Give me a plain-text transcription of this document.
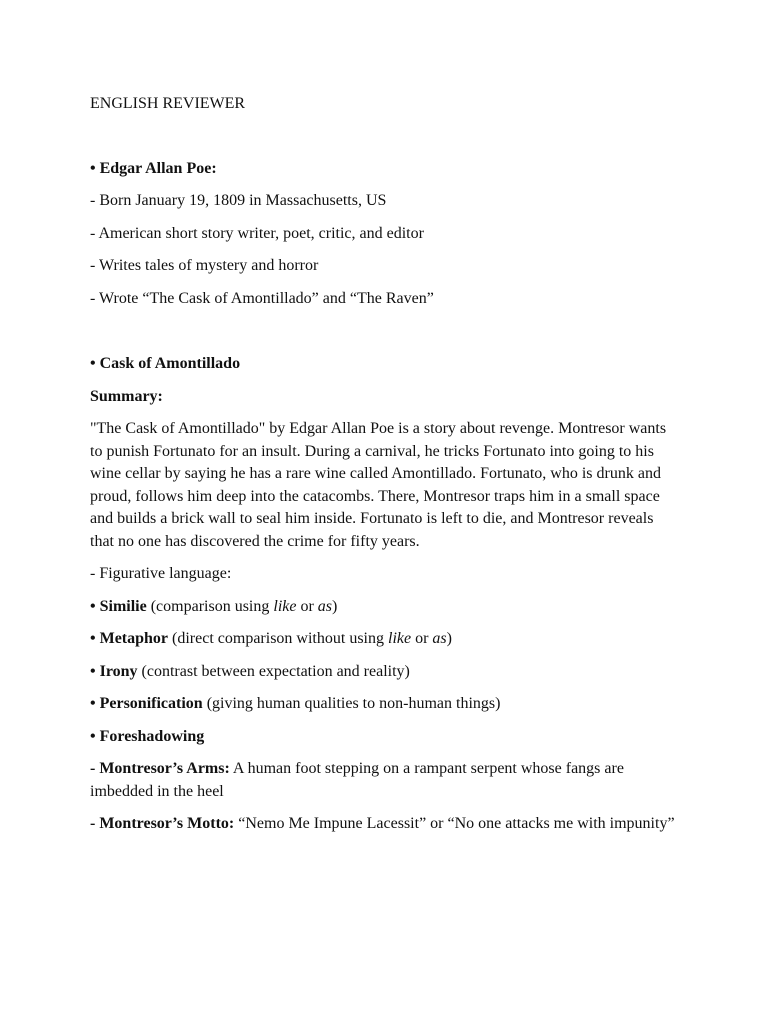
ENGLISH REVIEWER

• Edgar Allan Poe:

- Born January 19, 1809 in Massachusetts, US

- American short story writer, poet, critic, and editor

- Writes tales of mystery and horror

- Wrote “The Cask of Amontillado” and “The Raven”

• Cask of Amontillado

Summary:

"The Cask of Amontillado" by Edgar Allan Poe is a story about revenge. Montresor wants to punish Fortunato for an insult. During a carnival, he tricks Fortunato into going to his wine cellar by saying he has a rare wine called Amontillado. Fortunato, who is drunk and proud, follows him deep into the catacombs. There, Montresor traps him in a small space and builds a brick wall to seal him inside. Fortunato is left to die, and Montresor reveals that no one has discovered the crime for fifty years.

- Figurative language:

• Similie (comparison using like or as)

• Metaphor (direct comparison without using like or as)

• Irony (contrast between expectation and reality)

• Personification (giving human qualities to non-human things)

• Foreshadowing

- Montresor’s Arms: A human foot stepping on a rampant serpent whose fangs are imbedded in the heel

- Montresor’s Motto: “Nemo Me Impune Lacessit” or “No one attacks me with impunity”
